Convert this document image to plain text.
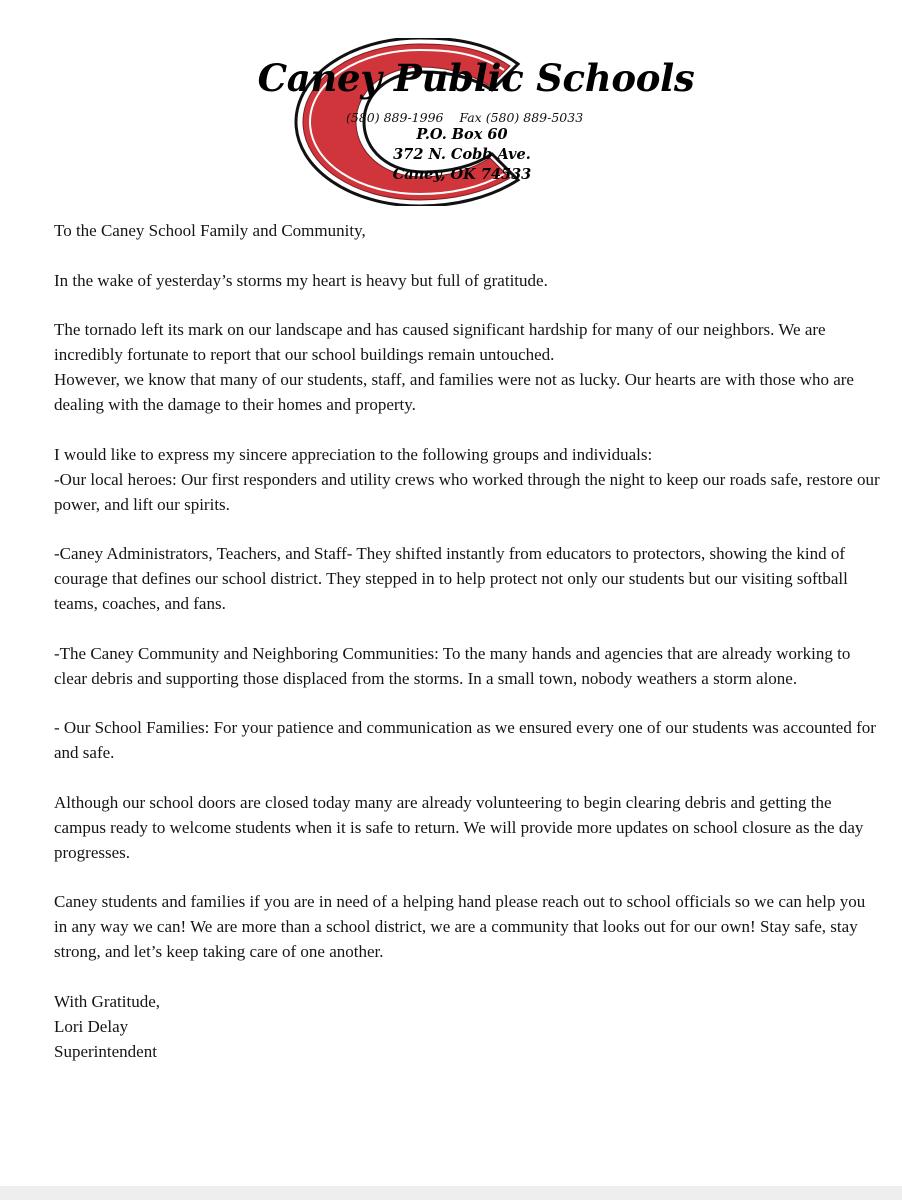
Caney Public Schools
(580) 889-1996 Fax (580) 889-5033
P.O. Box 60
372 N. Cobb Ave.
Caney, OK 74533

To the Caney School Family and Community,

In the wake of yesterday’s storms my heart is heavy but full of gratitude.

The tornado left its mark on our landscape and has caused significant hardship for many of our neighbors. We are incredibly fortunate to report that our school buildings remain untouched.
However, we know that many of our students, staff, and families were not as lucky. Our hearts are with those who are dealing with the damage to their homes and property.

I would like to express my sincere appreciation to the following groups and individuals:
-Our local heroes: Our first responders and utility crews who worked through the night to keep our roads safe, restore our power, and lift our spirits.

-Caney Administrators, Teachers, and Staff- They shifted instantly from educators to protectors, showing the kind of courage that defines our school district. They stepped in to help protect not only our students but our visiting softball teams, coaches, and fans.

-The Caney Community and Neighboring Communities: To the many hands and agencies that are already working to clear debris and supporting those displaced from the storms. In a small town, nobody weathers a storm alone.

- Our School Families: For your patience and communication as we ensured every one of our students was accounted for and safe.

Although our school doors are closed today many are already volunteering to begin clearing debris and getting the campus ready to welcome students when it is safe to return. We will provide more updates on school closure as the day progresses.

Caney students and families if you are in need of a helping hand please reach out to school officials so we can help you in any way we can! We are more than a school district, we are a community that looks out for our own! Stay safe, stay strong, and let’s keep taking care of one another.

With Gratitude,
Lori Delay
Superintendent
